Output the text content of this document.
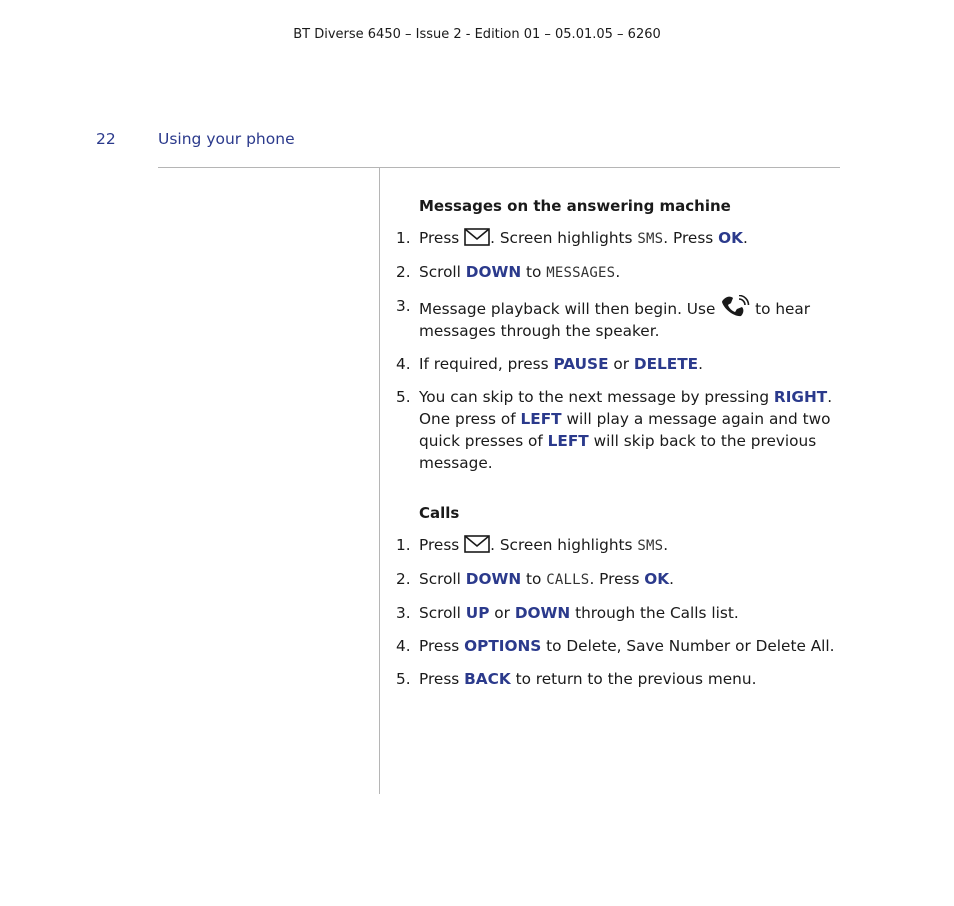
BT Diverse 6450 – Issue 2 - Edition 01 – 05.01.05 – 6260
22	Using your phone
Messages on the answering machine
1. Press
. Screen highlights SMS. Press OK.
2. Scroll DOWN to MESSAGES.
3. Message playback will then begin. Use
to hear messages through the speaker.
4. If required, press PAUSE or DELETE.
5. You can skip to the next message by pressing RIGHT. One press of LEFT will play a message again and two quick presses of LEFT will skip back to the previous message.
Calls
1. Press
. Screen highlights SMS.
2. Scroll DOWN to CALLS. Press OK.
3. Scroll UP or DOWN through the Calls list.
4. Press OPTIONS to Delete, Save Number or Delete All.
5. Press BACK to return to the previous menu.
